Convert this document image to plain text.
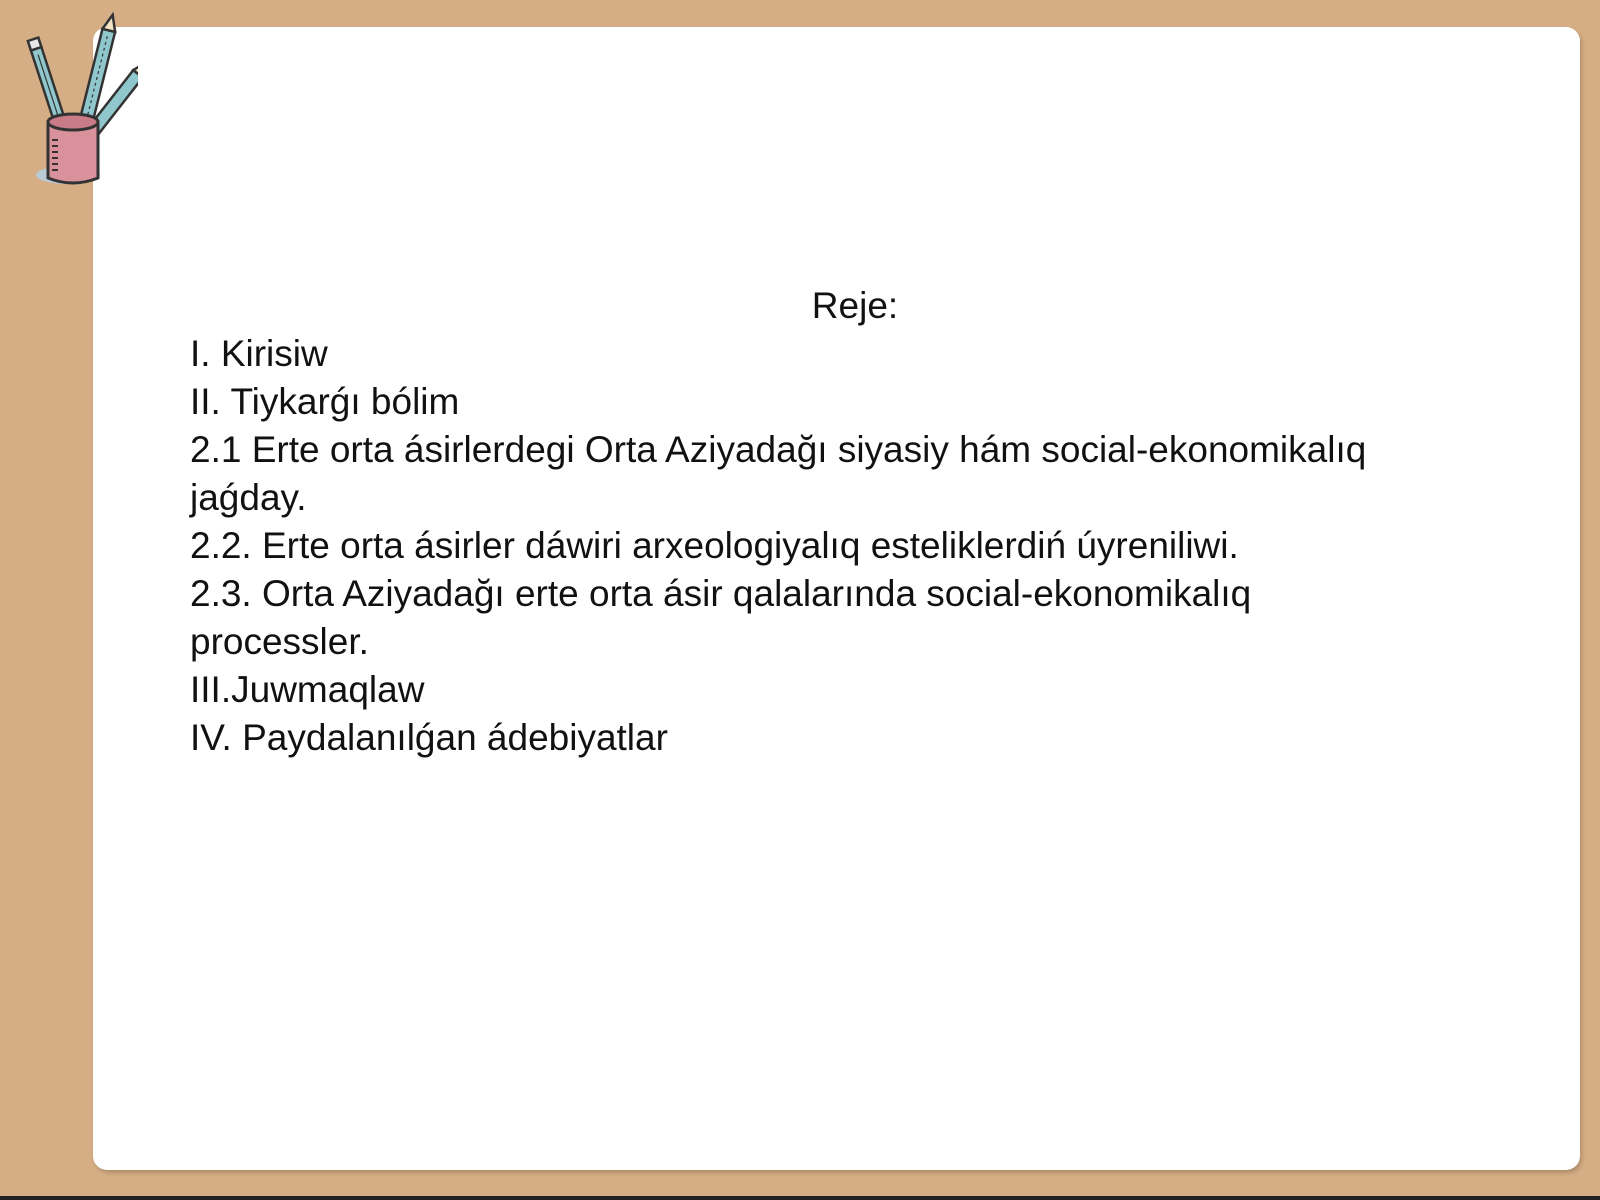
Reje:
I. Kirisiw
II. Tiykarǵı bólim
2.1 Erte orta ásirlerdegi Orta Aziyadağı siyasiy hám social-ekonomikalıq
jaǵday.
2.2. Erte orta ásirler dáwiri arxeologiyalıq esteliklerdiń úyreniliwi.
2.3. Orta Aziyadağı erte orta ásir qalalarında social-ekonomikalıq
processler.
III.Juwmaqlaw
IV. Paydalanılǵan ádebiyatlar
